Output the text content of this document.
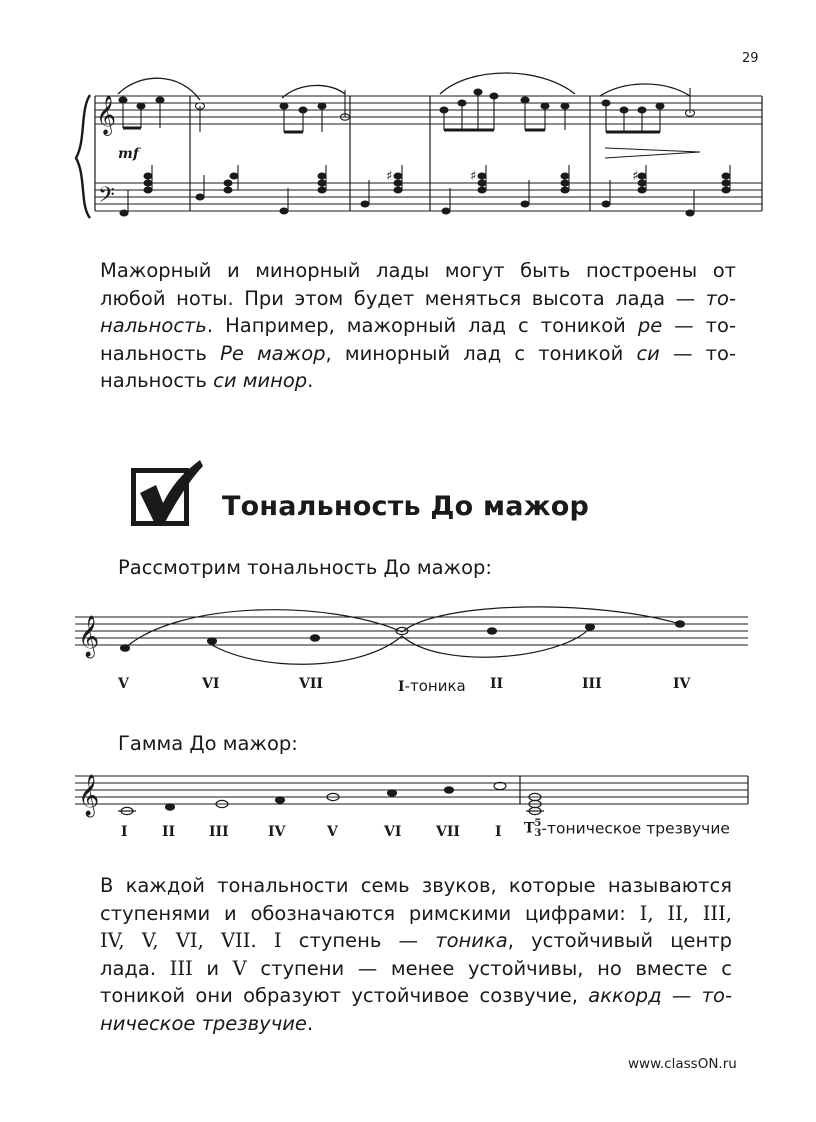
29
𝄞
𝄢
mf
♯	♯	♯

Мажорный и минорный лады могут быть построены от

любой ноты. При этом будет меняться высота лада — то-

нальность. Например, мажорный лад с тоникой ре — то-

нальность Ре мажор, минорный лад с тоникой си — то-

нальность си минор.

Тональность До мажор
Рассмотрим тональность До мажор:
𝄞
V	VI	VII	I-тоника II	III	IV
Гамма До мажор:
𝄞
I II III	IV	V	VI VII	I T 5
3 -тоническое трезвучие

В каждой тональности семь звуков, которые называются

ступенями и обозначаются римскими цифрами: I, II, III,

IV, V, VI, VII. I ступень — тоника, устойчивый центр

лада. III и V ступени — менее устойчивы, но вместе с

тоникой они образуют устойчивое созвучие, аккорд — то-

ническое трезвучие.

www.classON.ru
